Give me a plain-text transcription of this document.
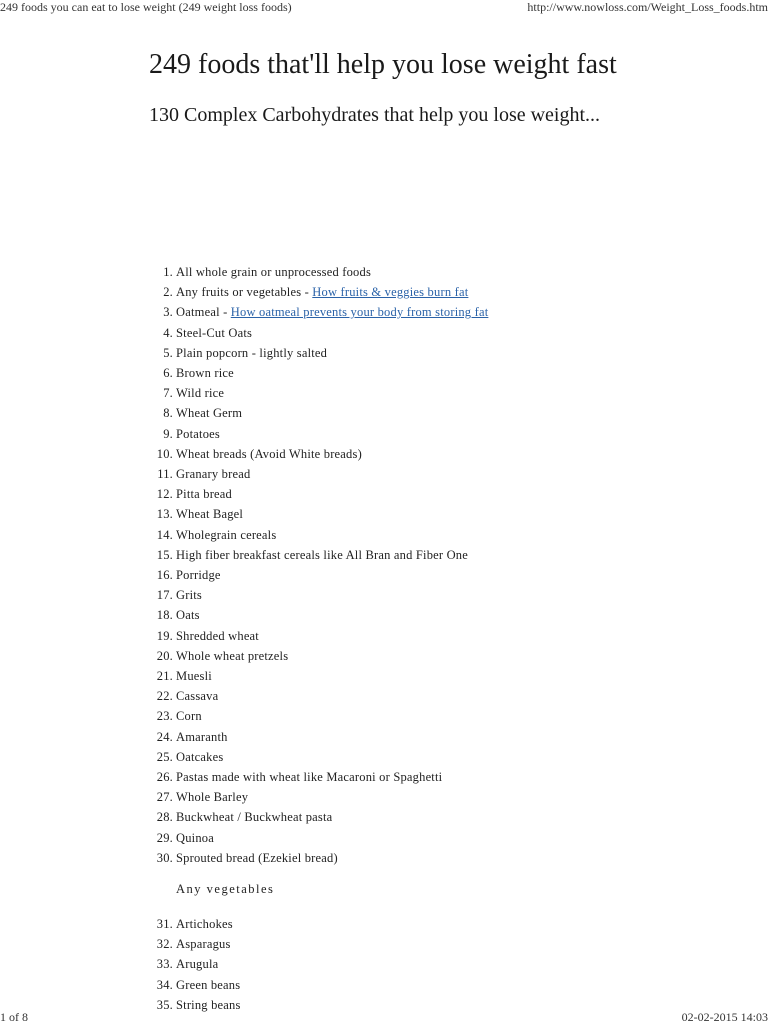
249 foods you can eat to lose weight (249 weight loss foods)	http://www.nowloss.com/Weight_Loss_foods.htm
249 foods that'll help you lose weight fast
130 Complex Carbohydrates that help you lose weight...
1. All whole grain or unprocessed foods
2. Any fruits or vegetables - How fruits & veggies burn fat
3. Oatmeal - How oatmeal prevents your body from storing fat
4. Steel-Cut Oats
5. Plain popcorn - lightly salted
6. Brown rice
7. Wild rice
8. Wheat Germ
9. Potatoes
10. Wheat breads (Avoid White breads)
11. Granary bread
12. Pitta bread
13. Wheat Bagel
14. Wholegrain cereals
15. High fiber breakfast cereals like All Bran and Fiber One
16. Porridge
17. Grits
18. Oats
19. Shredded wheat
20. Whole wheat pretzels
21. Muesli
22. Cassava
23. Corn
24. Amaranth
25. Oatcakes
26. Pastas made with wheat like Macaroni or Spaghetti
27. Whole Barley
28. Buckwheat / Buckwheat pasta
29. Quinoa
30. Sprouted bread (Ezekiel bread)
Any vegetables
31. Artichokes
32. Asparagus
33. Arugula
34. Green beans
35. String beans
1 of 8	02-02-2015 14:03
